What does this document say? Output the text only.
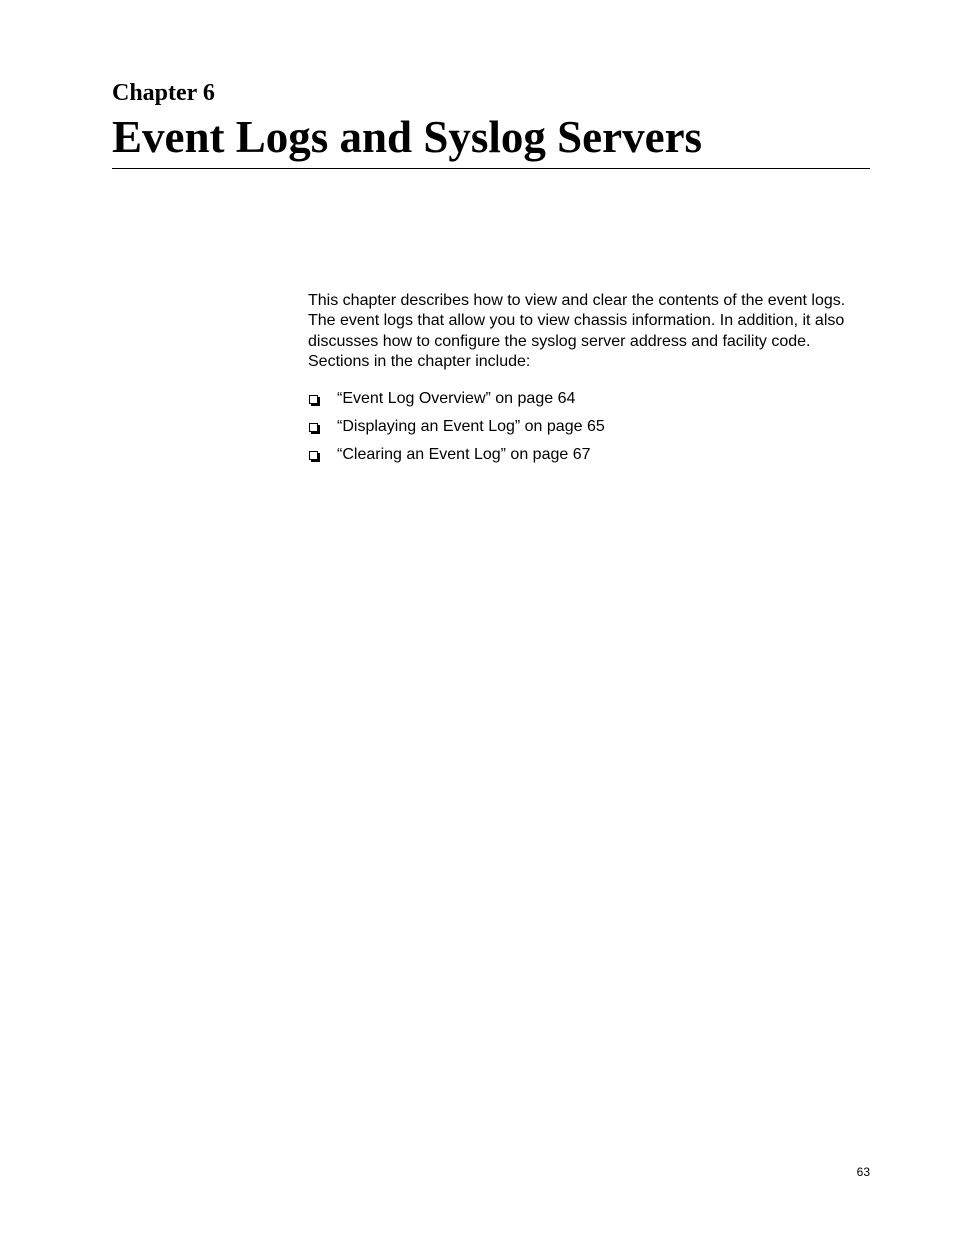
Chapter 6
Event Logs and Syslog Servers

This chapter describes how to view and clear the contents of the event logs. The event logs that allow you to view chassis information. In addition, it also discusses how to configure the syslog server address and facility code. Sections in the chapter include:

“Event Log Overview” on page 64
“Displaying an Event Log” on page 65
“Clearing an Event Log” on page 67
63
